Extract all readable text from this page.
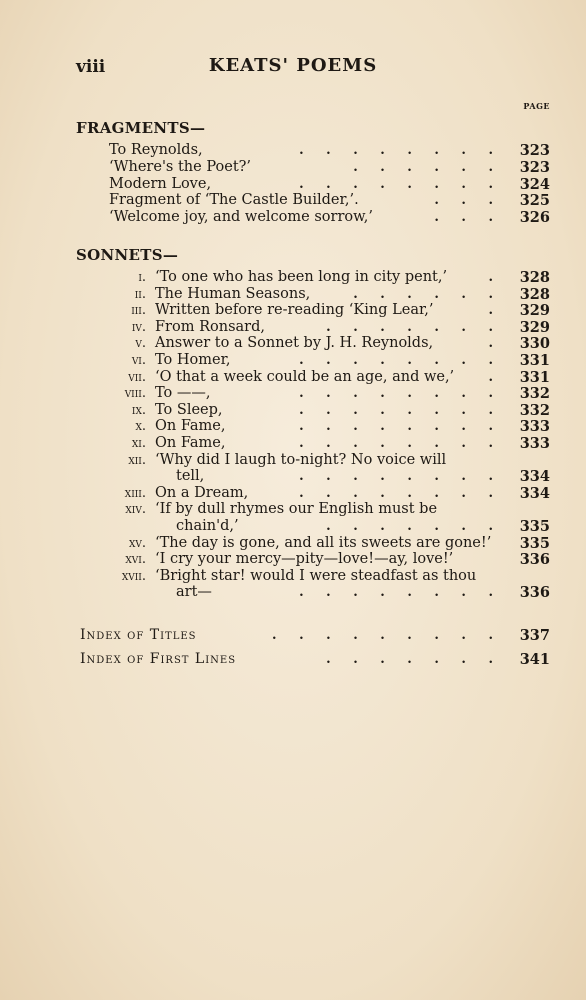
viii	KEATS' POEMS
PAGE
FRAGMENTS—
To Reynolds,	. . . . . . . . 323
‘Where's the Poet?’	. . . . . . 323
Modern Love,	. . . . . . . . 324
Fragment of ‘The Castle Builder,’.	. . . 325
‘Welcome joy, and welcome sorrow,’	. . . 326
SONNETS—
i. ‘To one who has been long in city pent,’	. 328
ii. The Human Seasons,	. . . . . . 328
iii. Written before re-reading ‘King Lear,’	. 329
iv. From Ronsard,	. . . . . . . 329
v. Answer to a Sonnet by J. H. Reynolds,	. 330
vi. To Homer,	. . . . . . . . 331
vii. ‘O that a week could be an age, and we,’	. 331
viii. To ——,	. . . . . . . . 332
ix. To Sleep,	. . . . . . . . 332
x. On Fame,	. . . . . . . . 333
xi. On Fame,	. . . . . . . . 333
xii. ‘Why did I laugh to-night? No voice will
tell,	. . . . . . . . 334
xiii. On a Dream,	. . . . . . . . 334
xiv. ‘If by dull rhymes our English must be
chain'd,’	. . . . . . . 335
xv. ‘The day is gone, and all its sweets are gone!’ 335
xvi. ‘I cry your mercy—pity—love!—ay, love!’	336
xvii. ‘Bright star! would I were steadfast as thou
art—	. . . . . . . . 336
Index of Titles	. . . . . . . . . 337
Index of First Lines	. . . . . . . 341
